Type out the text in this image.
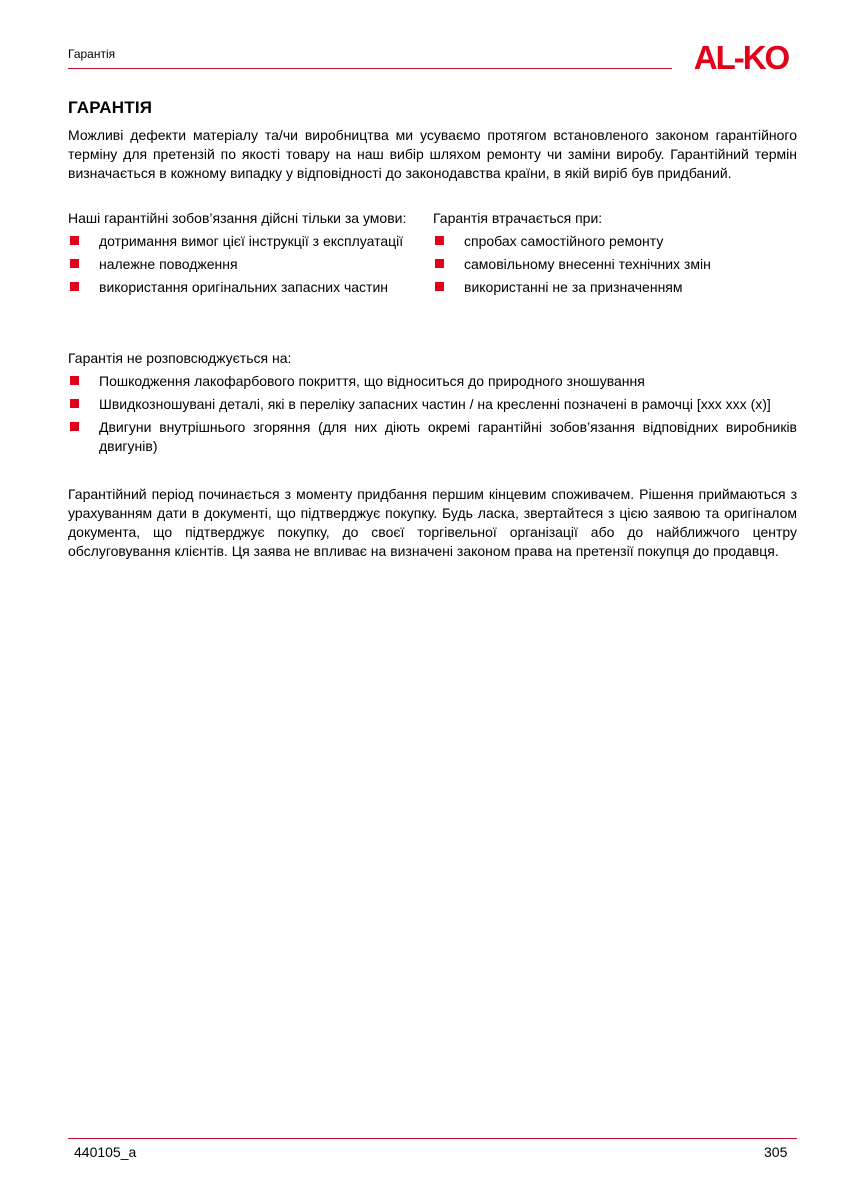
Гарантія	AL-KO
ГАРАНТІЯ
Можливі дефекти матеріалу та/чи виробництва ми усуваємо протягом встановленого законом гарантійного терміну для претензій по якості товару на наш вибір шляхом ремонту чи заміни виробу. Гарантійний термін визначається в кожному випадку у відповідності до законодавства країни, в якій виріб був придбаний.
Наші гарантійні зобов’язання дійсні тільки за умови:
дотримання вимог цієї інструкції з експлуатації
належне поводження
використання оригінальних запасних частин
Гарантія втрачається при:
спробах самостійного ремонту
самовільному внесенні технічних змін
використанні не за призначенням
Гарантія не розповсюджується на:
Пошкодження лакофарбового покриття, що відноситься до природного зношування
Швидкозношувані деталі, які в переліку запасних частин / на кресленні позначені в рамочці [xxx xxx (x)]
Двигуни внутрішнього згоряння (для них діють окремі гарантійні зобов’язання відповідних виробників двигунів)
Гарантійний період починається з моменту придбання першим кінцевим споживачем. Рішення приймаються з урахуванням дати в документі, що підтверджує покупку. Будь ласка, звертайтеся з цією заявою та оригіналом документа, що підтверджує покупку, до своєї торгівельної організації або до найближчого центру обслуговування клієнтів. Ця заява не впливає на визначені законом права на претензії покупця до продавця.
440105_a	305
